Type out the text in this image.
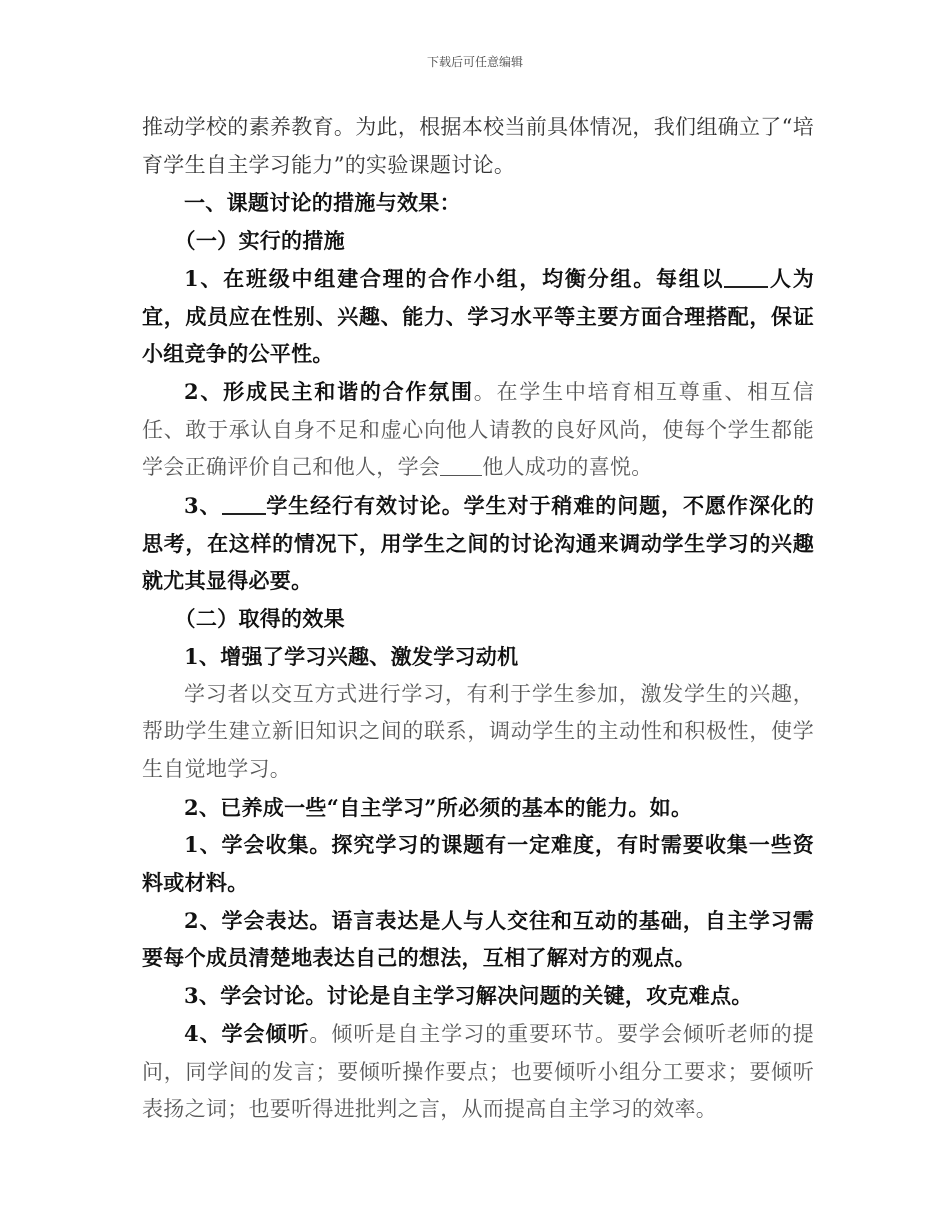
下载后可任意编辑

推动学校的素养教育。为此，根据本校当前具体情况，我们组确立了“培育学生自主学习能力”的实验课题讨论。

一、课题讨论的措施与效果：

（一）实行的措施

1、在班级中组建合理的合作小组，均衡分组。每组以 人为宜，成员应在性别、兴趣、能力、学习水平等主要方面合理搭配，保证小组竞争的公平性。

2、形成民主和谐的合作氛围。在学生中培育相互尊重、相互信任、敢于承认自身不足和虚心向他人请教的良好风尚，使每个学生都能学会正确评价自己和他人，学会 他人成功的喜悦。

3、 学生经行有效讨论。学生对于稍难的问题，不愿作深化的思考，在这样的情况下，用学生之间的讨论沟通来调动学生学习的兴趣就尤其显得必要。

（二）取得的效果

1、增强了学习兴趣、激发学习动机

学习者以交互方式进行学习，有利于学生参加，激发学生的兴趣，帮助学生建立新旧知识之间的联系，调动学生的主动性和积极性，使学生自觉地学习。

2、已养成一些“自主学习”所必须的基本的能力。如。

1、学会收集。探究学习的课题有一定难度，有时需要收集一些资料或材料。

2、学会表达。语言表达是人与人交往和互动的基础，自主学习需要每个成员清楚地表达自己的想法，互相了解对方的观点。

3、学会讨论。讨论是自主学习解决问题的关键，攻克难点。

4、学会倾听。倾听是自主学习的重要环节。要学会倾听老师的提问，同学间的发言；要倾听操作要点；也要倾听小组分工要求；要倾听表扬之词；也要听得进批判之言，从而提高自主学习的效率。
